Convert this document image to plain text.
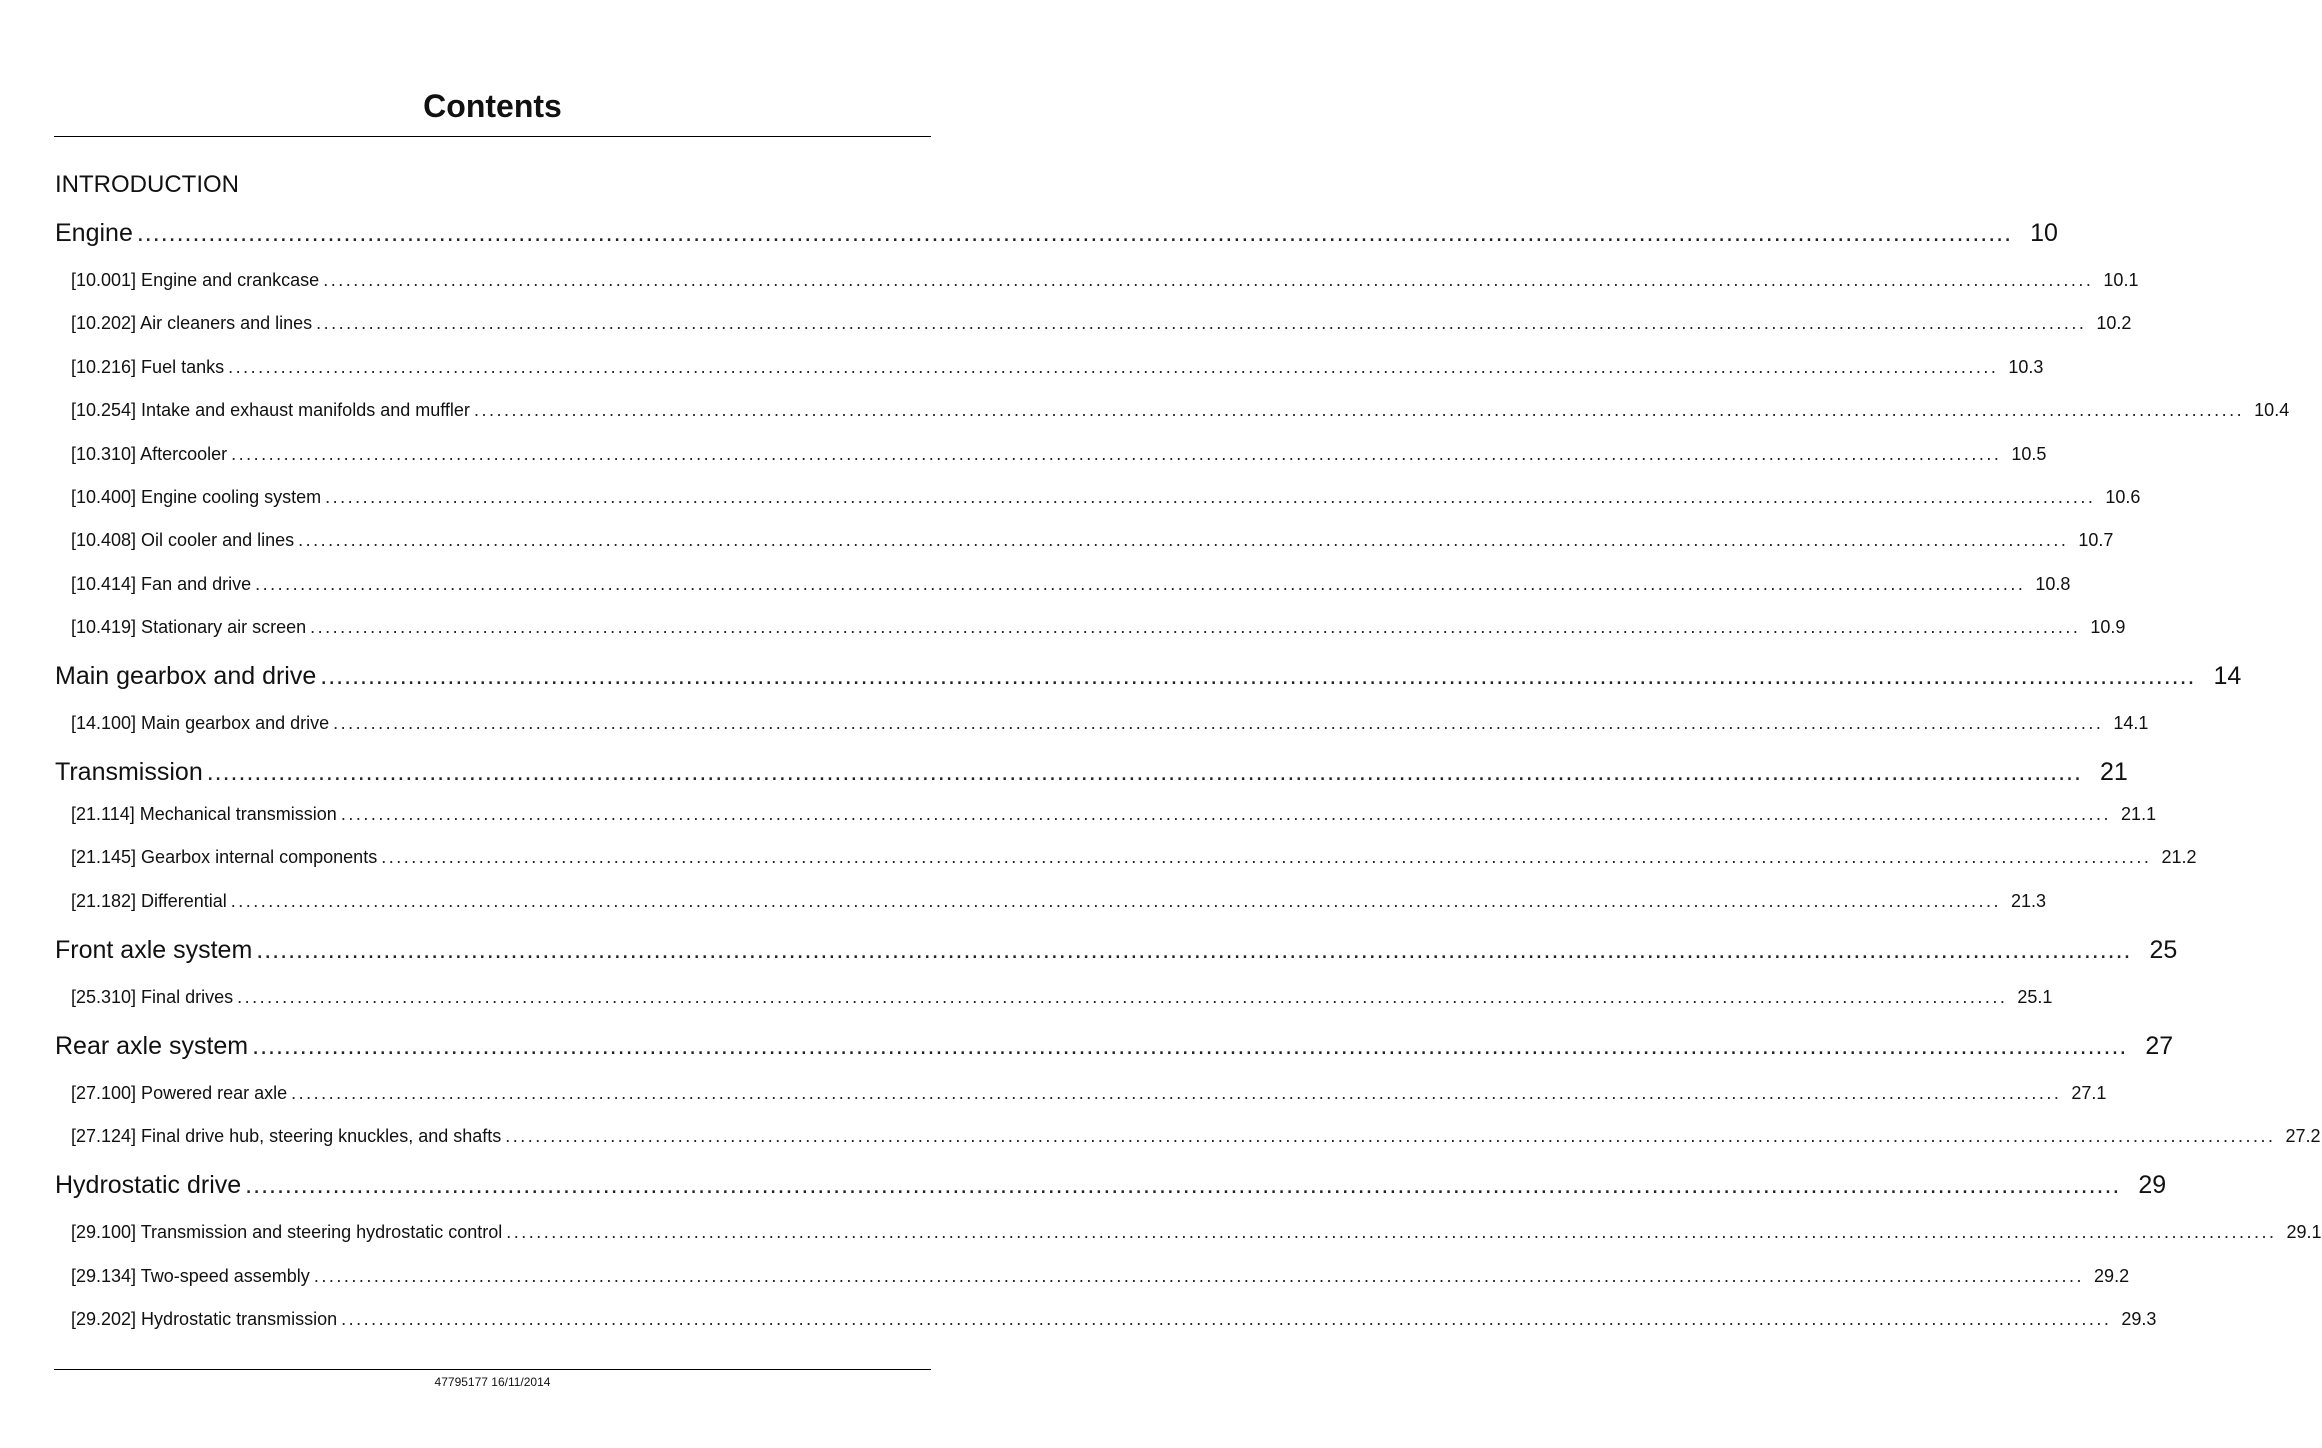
Contents
INTRODUCTION
Engine ............................................................................................................................................................................................................................................ 10
[10.001] Engine and crankcase ............................................................................................................................................................................................................................................ 10.1
[10.202] Air cleaners and lines ............................................................................................................................................................................................................................................ 10.2
[10.216] Fuel tanks ............................................................................................................................................................................................................................................ 10.3
[10.254] Intake and exhaust manifolds and muffler ............................................................................................................................................................................................................................................ 10.4
[10.310] Aftercooler ............................................................................................................................................................................................................................................ 10.5
[10.400] Engine cooling system ............................................................................................................................................................................................................................................ 10.6
[10.408] Oil cooler and lines ............................................................................................................................................................................................................................................ 10.7
[10.414] Fan and drive ............................................................................................................................................................................................................................................ 10.8
[10.419] Stationary air screen ............................................................................................................................................................................................................................................ 10.9
Main gearbox and drive ............................................................................................................................................................................................................................................ 14
[14.100] Main gearbox and drive ............................................................................................................................................................................................................................................ 14.1
Transmission ............................................................................................................................................................................................................................................ 21
[21.114] Mechanical transmission ............................................................................................................................................................................................................................................ 21.1
[21.145] Gearbox internal components ............................................................................................................................................................................................................................................ 21.2
[21.182] Differential ............................................................................................................................................................................................................................................ 21.3
Front axle system ............................................................................................................................................................................................................................................ 25
[25.310] Final drives ............................................................................................................................................................................................................................................ 25.1
Rear axle system ............................................................................................................................................................................................................................................ 27
[27.100] Powered rear axle ............................................................................................................................................................................................................................................ 27.1
[27.124] Final drive hub, steering knuckles, and shafts ............................................................................................................................................................................................................................................ 27.2
Hydrostatic drive ............................................................................................................................................................................................................................................ 29
[29.100] Transmission and steering hydrostatic control ............................................................................................................................................................................................................................................ 29.1
[29.134] Two-speed assembly ............................................................................................................................................................................................................................................ 29.2
[29.202] Hydrostatic transmission ............................................................................................................................................................................................................................................ 29.3
47795177 16/11/2014
